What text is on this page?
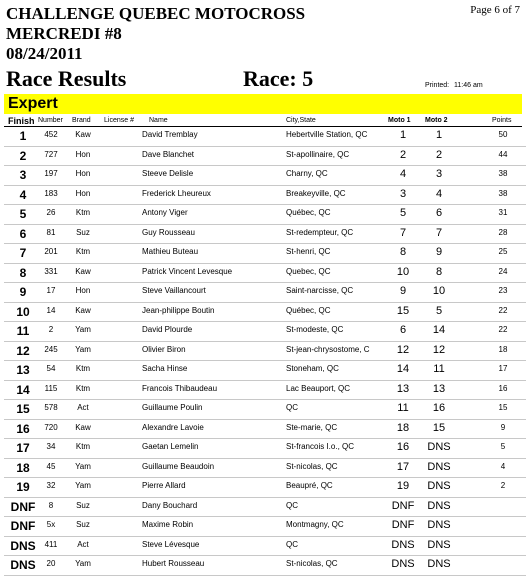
CHALLENGE QUEBEC MOTOCROSS
MERCREDI #8
08/24/2011
Page 6 of 7
Race Results	Race: 5	Printed: 11:46 am
Expert
Finish Number Brand License # Name	City,State	Moto 1 Moto 2	Points
1	452	Kaw	David Tremblay	Hebertville Station, QC	1	1	50
2	727	Hon	Dave Blanchet	St-apollinaire, QC	2	2	44
3	197	Hon	Steeve Delisle	Charny, QC	4	3	38
4	183	Hon	Frederick Lheureux	Breakeyville, QC	3	4	38
5	26	Ktm	Antony Viger	Québec, QC	5	6	31
6	81	Suz	Guy Rousseau	St-redempteur, QC	7	7	28
7	201	Ktm	Mathieu Buteau	St-henri, QC	8	9	25
8	331	Kaw	Patrick Vincent Levesque	Quebec, QC	10	8	24
9	17	Hon	Steve Vaillancourt	Saint-narcisse, QC	9	10	23
10	14	Kaw	Jean-philippe Boutin	Québec, QC	15	5	22
11	2	Yam	David Plourde	St-modeste, QC	6	14	22
12	245	Yam	Olivier Biron	St-jean-chrysostome, C	12	12	18
13	54	Ktm	Sacha Hinse	Stoneham, QC	14	11	17
14	115	Ktm	Francois Thibaudeau	Lac Beauport, QC	13	13	16
15	578	Act	Guillaume Poulin	QC	11	16	15
16	720	Kaw	Alexandre Lavoie	Ste-marie, QC	18	15	9
17	34	Ktm	Gaetan Lemelin	St-francois I.o., QC	16	DNS	5
18	45	Yam	Guillaume Beaudoin	St-nicolas, QC	17	DNS	4
19	32	Yam	Pierre Allard	Beaupré, QC	19	DNS	2
DNF	8	Suz	Dany Bouchard	QC	DNF	DNS
DNF	5x	Suz	Maxime Robin	Montmagny, QC	DNF	DNS
DNS	411	Act	Steve Lévesque	QC	DNS	DNS
DNS	20	Yam	Hubert Rousseau	St-nicolas, QC	DNS	DNS
